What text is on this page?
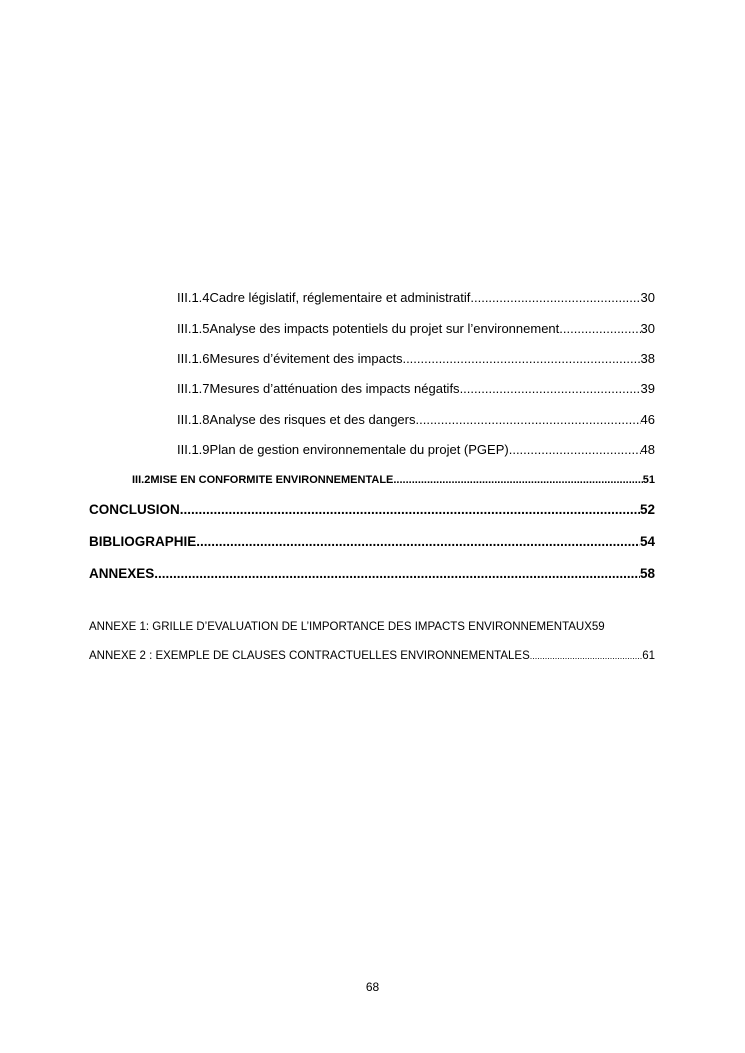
III.1.4 Cadre législatif, réglementaire et administratif .....	30
III.1.5 Analyse des impacts potentiels du projet sur l’environnement .....	30
III.1.6 Mesures d’évitement des impacts .....	38
III.1.7 Mesures d’atténuation des impacts négatifs .....	39
III.1.8 Analyse des risques et des dangers .....	46
III.1.9 Plan de gestion environnementale du projet (PGEP) .....	48
III.2 MISE EN CONFORMITE ENVIRONNEMENTALE .....	51
CONCLUSION .....	52
BIBLIOGRAPHIE .....	54
ANNEXES .....	58
ANNEXE 1: GRILLE D’EVALUATION DE L’IMPORTANCE DES IMPACTS ENVIRONNEMENTAUX 59
ANNEXE 2 : EXEMPLE DE CLAUSES CONTRACTUELLES ENVIRONNEMENTALES .....	61
68
